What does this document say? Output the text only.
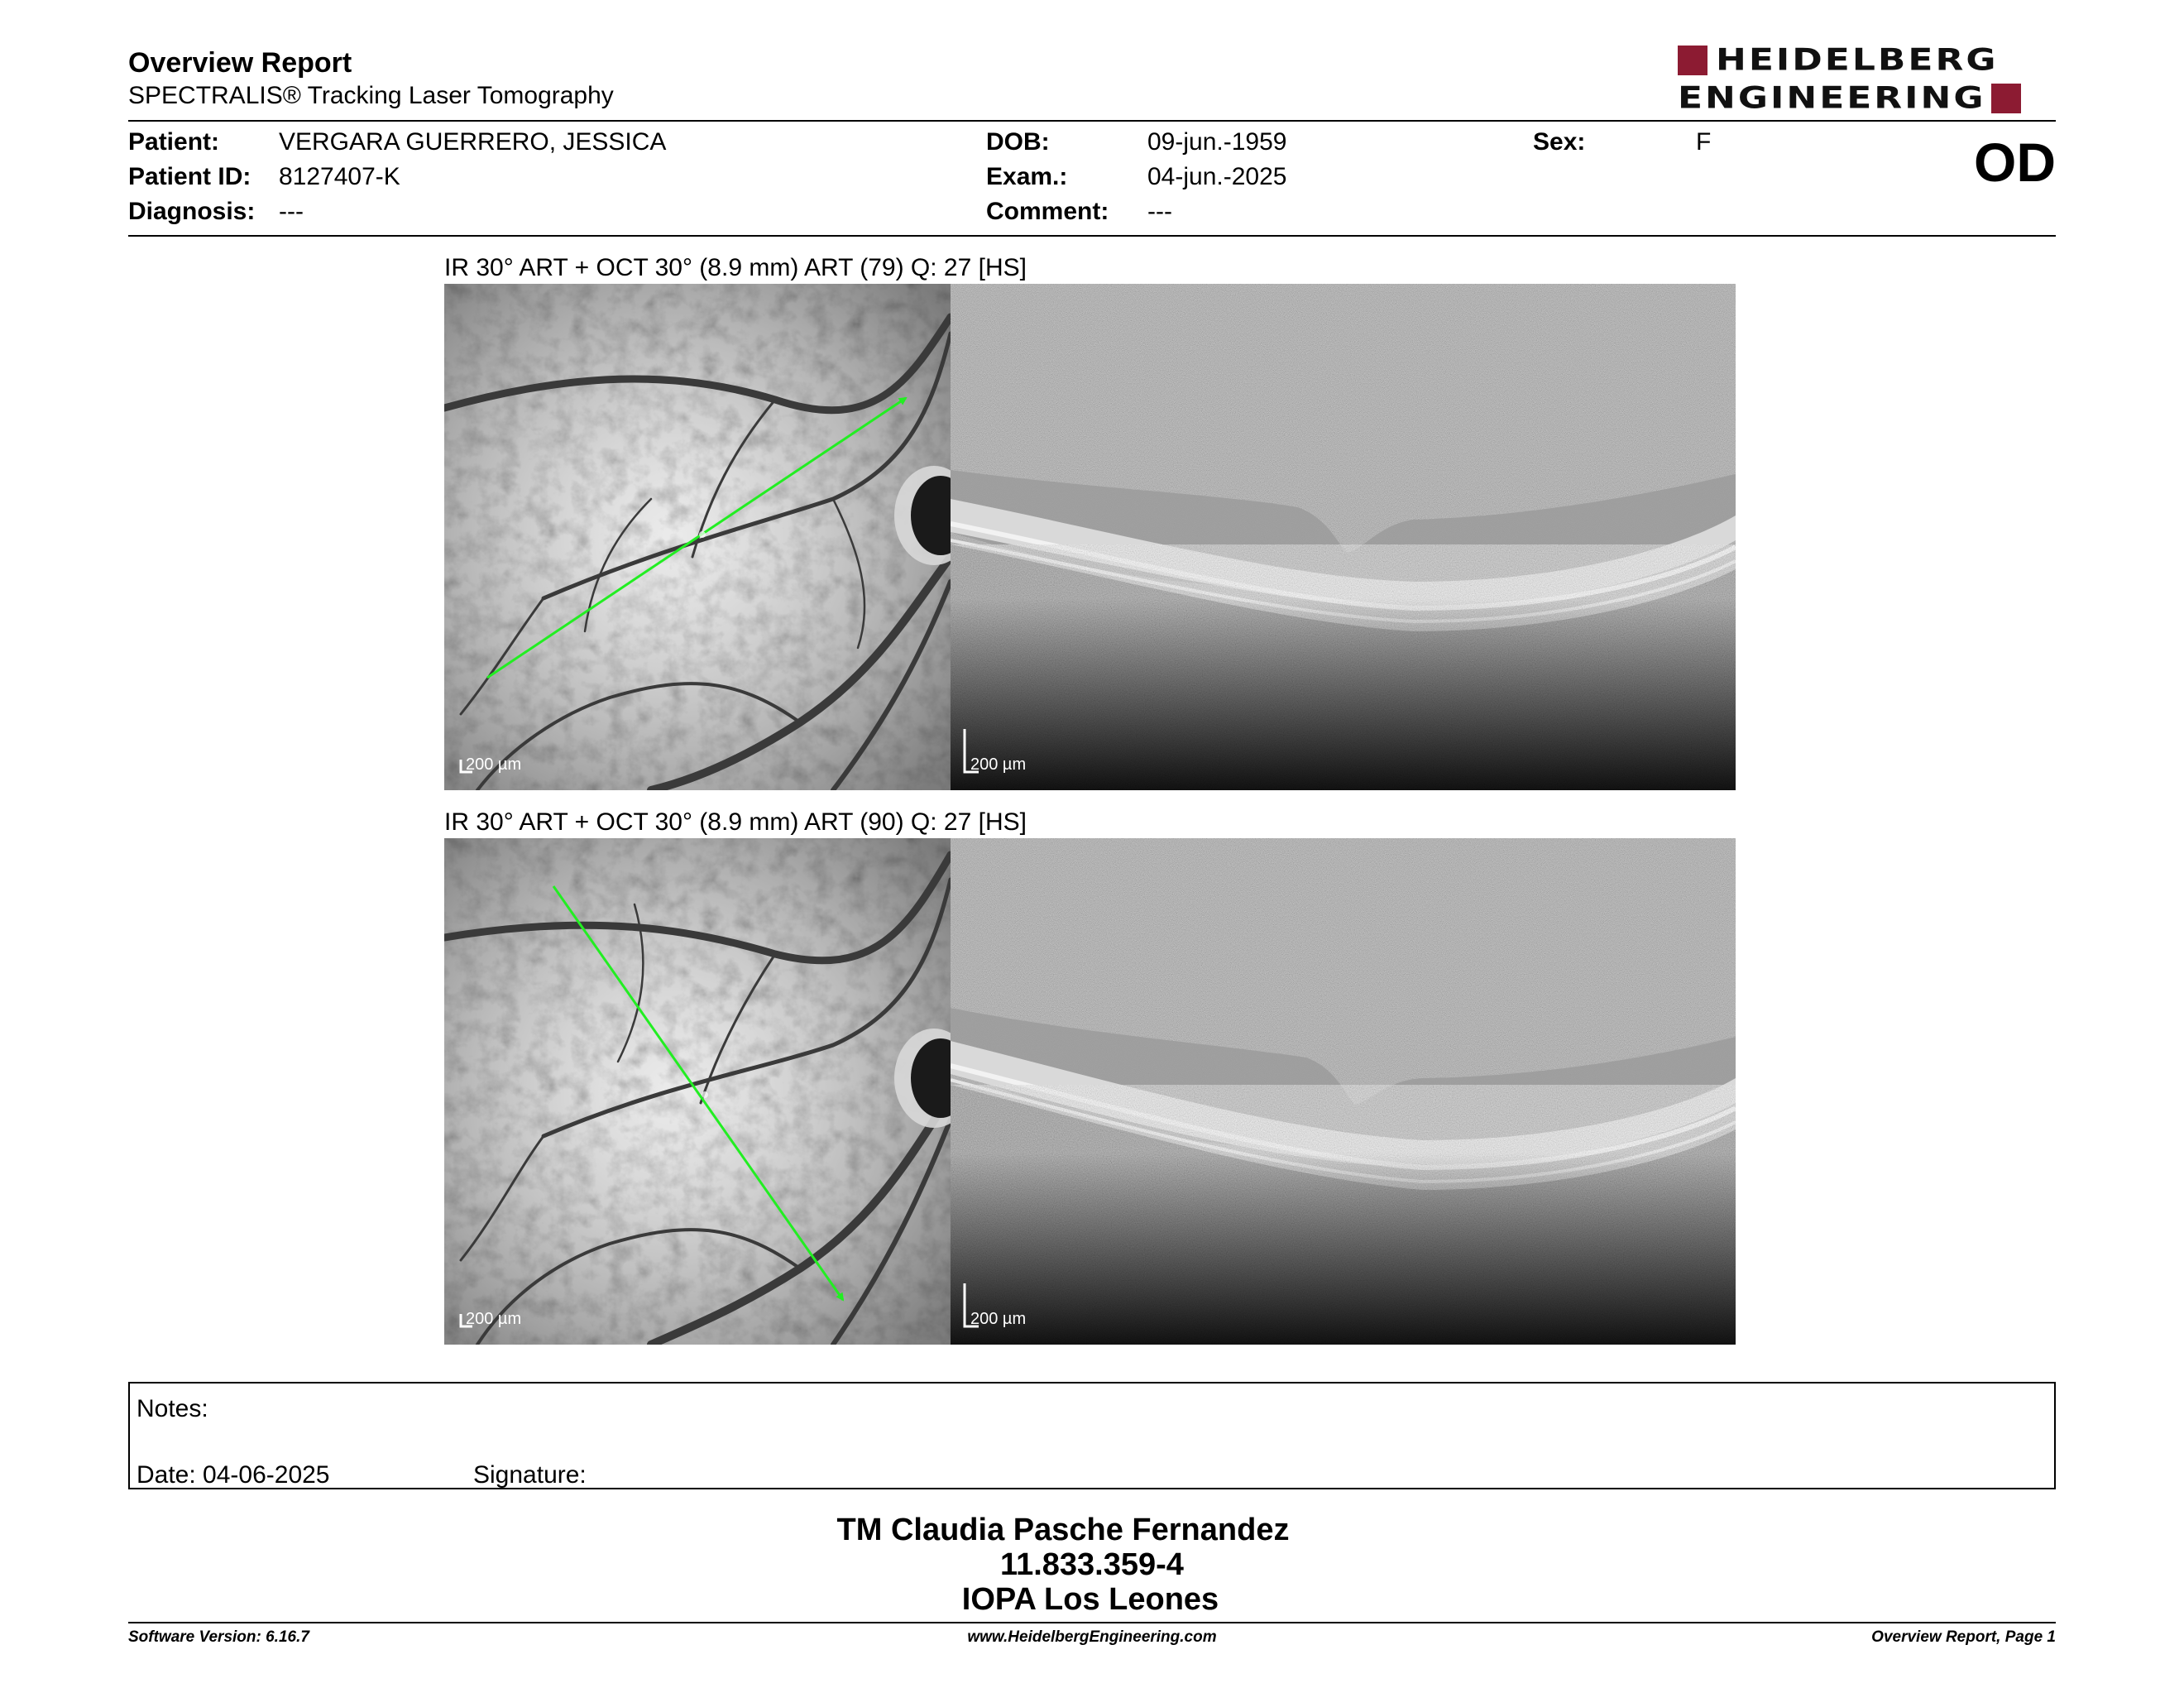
Overview Report
SPECTRALIS® Tracking Laser Tomography
HEIDELBERG
ENGINEERING
Patient: VERGARA GUERRERO, JESSICA
Patient ID: 8127407-K
Diagnosis: ---
DOB:	09-jun.-1959
Exam.:	04-jun.-2025
Comment: ---
Sex:	F	OD
IR 30° ART + OCT 30° (8.9 mm) ART (79) Q: 27 [HS]
200 µm	200 µm
IR 30° ART + OCT 30° (8.9 mm) ART (90) Q: 27 [HS]
200 µm	200 µm
Notes:
Date: 04-06-2025	Signature:
TM Claudia Pasche Fernandez
11.833.359-4
IOPA Los Leones
Software Version: 6.16.7	www.HeidelbergEngineering.com	Overview Report, Page 1
